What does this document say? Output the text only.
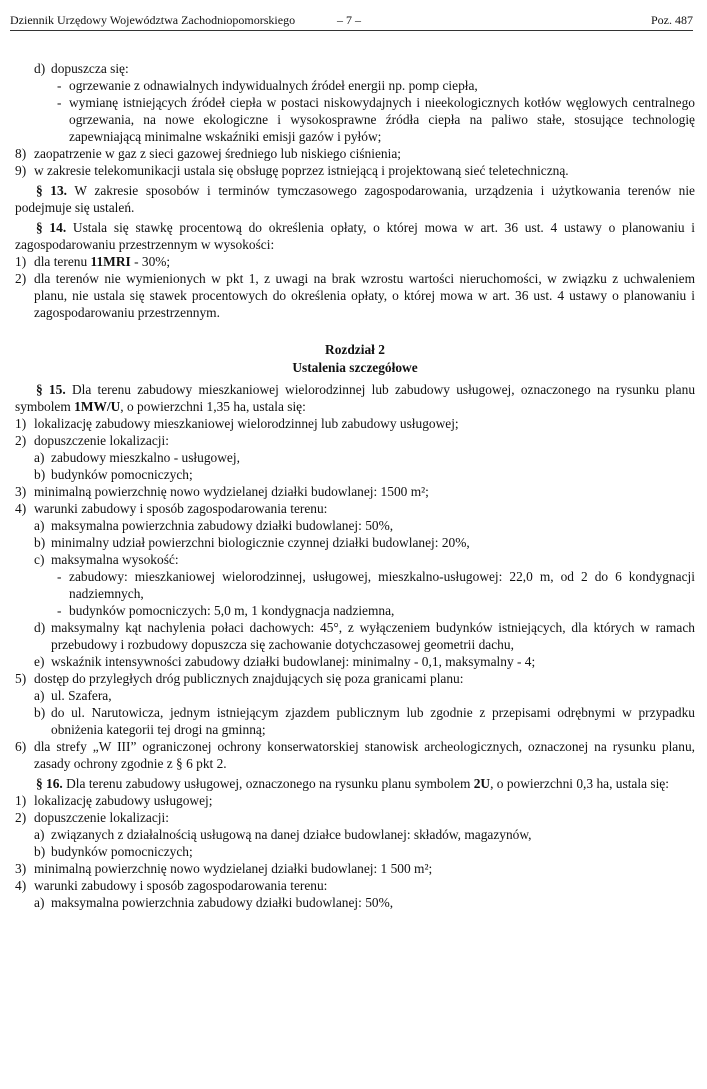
Dziennik Urzędowy Województwa Zachodniopomorskiego	– 7 –	Poz. 487
d) dopuszcza się:
- ogrzewanie z odnawialnych indywidualnych źródeł energii np. pomp ciepła,
- wymianę istniejących źródeł ciepła w postaci niskowydajnych i nieekologicznych kotłów węglowych centralnego ogrzewania, na nowe ekologiczne i wysokosprawne źródła ciepła na paliwo stałe, stosujące technologię zapewniającą minimalne wskaźniki emisji gazów i pyłów;
8) zaopatrzenie w gaz z sieci gazowej średniego lub niskiego ciśnienia;
9) w zakresie telekomunikacji ustala się obsługę poprzez istniejącą i projektowaną sieć teletechniczną.

§ 13. W zakresie sposobów i terminów tymczasowego zagospodarowania, urządzenia i użytkowania terenów nie podejmuje się ustaleń.

§ 14. Ustala się stawkę procentową do określenia opłaty, o której mowa w art. 36 ust. 4 ustawy o planowaniu i zagospodarowaniu przestrzennym w wysokości:

1) dla terenu 11MRI - 30%;
2) dla terenów nie wymienionych w pkt 1, z uwagi na brak wzrostu wartości nieruchomości, w związku z uchwaleniem planu, nie ustala się stawek procentowych do określenia opłaty, o której mowa w art. 36 ust. 4 ustawy o planowaniu i zagospodarowaniu przestrzennym.

Rozdział 2

Ustalenia szczegółowe

§ 15. Dla terenu zabudowy mieszkaniowej wielorodzinnej lub zabudowy usługowej, oznaczonego na rysunku planu symbolem 1MW/U, o powierzchni 1,35 ha, ustala się:

1) lokalizację zabudowy mieszkaniowej wielorodzinnej lub zabudowy usługowej;
2) dopuszczenie lokalizacji:
a) zabudowy mieszkalno - usługowej,
b) budynków pomocniczych;
3) minimalną powierzchnię nowo wydzielanej działki budowlanej: 1500 m²;
4) warunki zabudowy i sposób zagospodarowania terenu:
a) maksymalna powierzchnia zabudowy działki budowlanej: 50%,
b) minimalny udział powierzchni biologicznie czynnej działki budowlanej: 20%,
c) maksymalna wysokość:
- zabudowy: mieszkaniowej wielorodzinnej, usługowej, mieszkalno-usługowej: 22,0 m, od 2 do 6 kondygnacji nadziemnych,
- budynków pomocniczych: 5,0 m, 1 kondygnacja nadziemna,
d) maksymalny kąt nachylenia połaci dachowych: 45°, z wyłączeniem budynków istniejących, dla których w ramach przebudowy i rozbudowy dopuszcza się zachowanie dotychczasowej geometrii dachu,
e) wskaźnik intensywności zabudowy działki budowlanej: minimalny - 0,1, maksymalny - 4;
5) dostęp do przyległych dróg publicznych znajdujących się poza granicami planu:
a) ul. Szafera,
b) do ul. Narutowicza, jednym istniejącym zjazdem publicznym lub zgodnie z przepisami odrębnymi w przypadku obniżenia kategorii tej drogi na gminną;
6) dla strefy „W III” ograniczonej ochrony konserwatorskiej stanowisk archeologicznych, oznaczonej na rysunku planu, zasady ochrony zgodnie z § 6 pkt 2.

§ 16. Dla terenu zabudowy usługowej, oznaczonego na rysunku planu symbolem 2U, o powierzchni 0,3 ha, ustala się:

1) lokalizację zabudowy usługowej;
2) dopuszczenie lokalizacji:
a) związanych z działalnością usługową na danej działce budowlanej: składów, magazynów,
b) budynków pomocniczych;
3) minimalną powierzchnię nowo wydzielanej działki budowlanej: 1 500 m²;
4) warunki zabudowy i sposób zagospodarowania terenu:
a) maksymalna powierzchnia zabudowy działki budowlanej: 50%,
